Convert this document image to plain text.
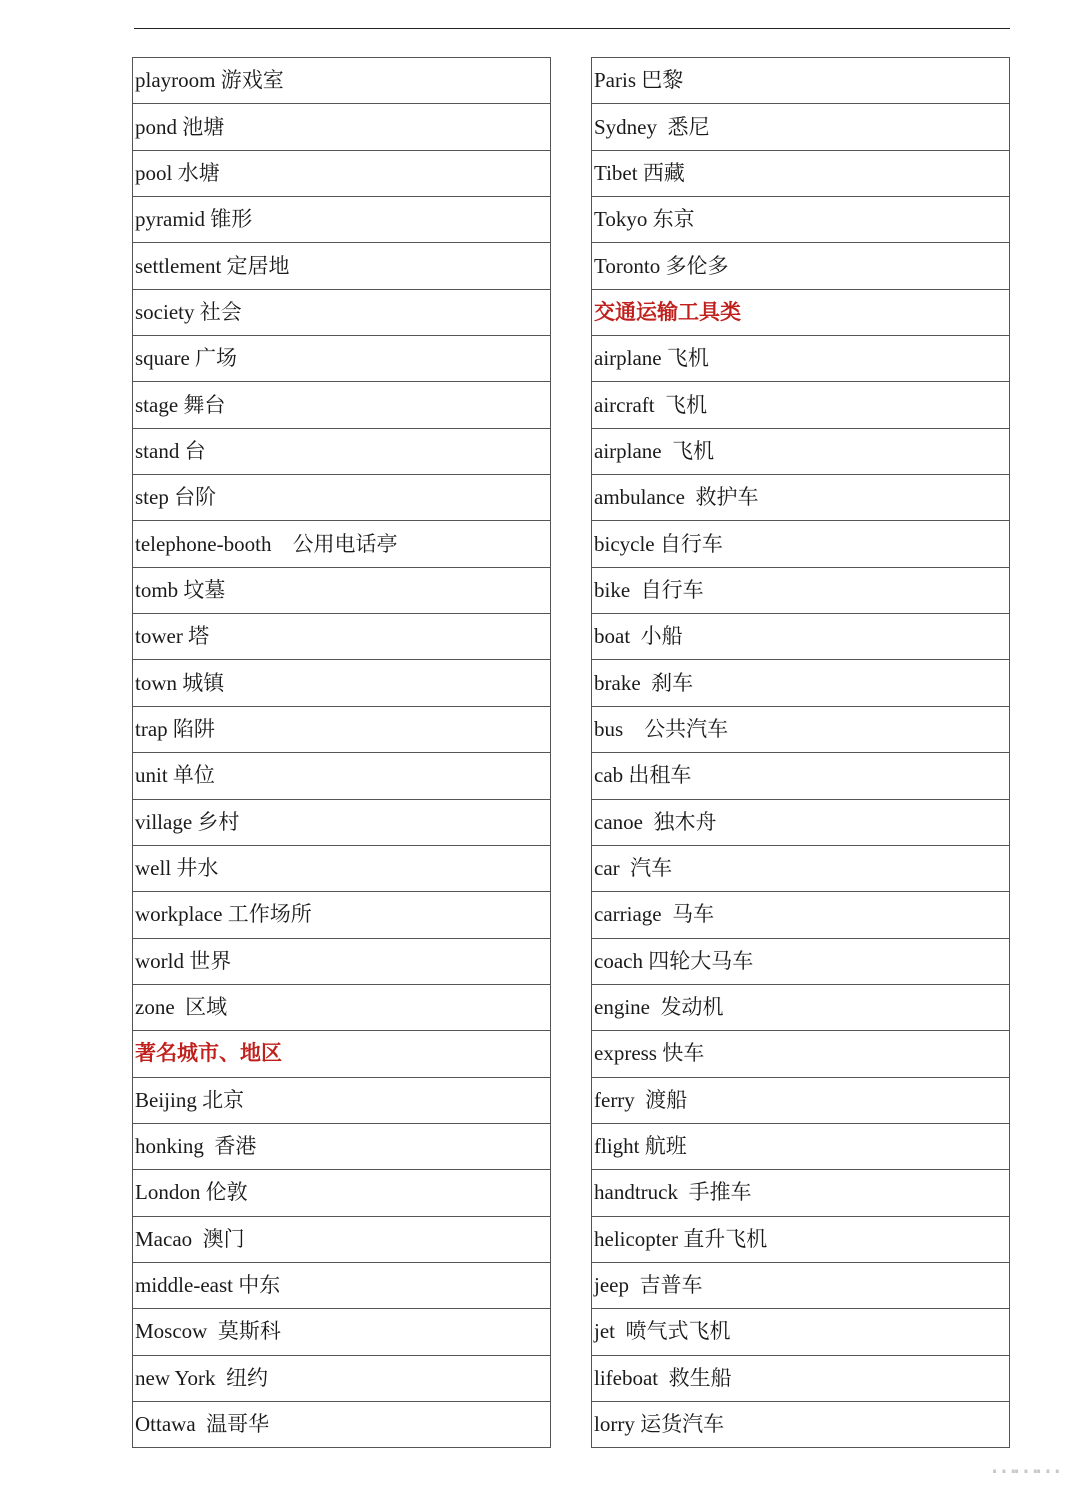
playroom 游戏室
pond 池塘
pool 水塘
pyramid 锥形
settlement 定居地
society 社会
square 广场
stage 舞台
stand 台
step 台阶
telephone-booth    公用电话亭
tomb 坟墓
tower 塔
town 城镇
trap 陷阱
unit 单位
village 乡村
well 井水
workplace 工作场所
world 世界
zone  区域
著名城市、地区
Beijing 北京
honking  香港
London 伦敦
Macao  澳门
middle-east 中东
Moscow  莫斯科
new York  纽约
Ottawa  温哥华
Paris 巴黎
Sydney  悉尼
Tibet 西藏
Tokyo 东京
Toronto 多伦多
交通运输工具类
airplane 飞机
aircraft  飞机
airplane  飞机
ambulance  救护车
bicycle 自行车
bike  自行车
boat  小船
brake  刹车
bus    公共汽车
cab 出租车
canoe  独木舟
car  汽车
carriage  马车
coach 四轮大马车
engine  发动机
express 快车
ferry  渡船
flight 航班
handtruck  手推车
helicopter 直升飞机
jeep  吉普车
jet  喷气式飞机
lifeboat  救生船
lorry 运货汽车
⋯⋯⋯
